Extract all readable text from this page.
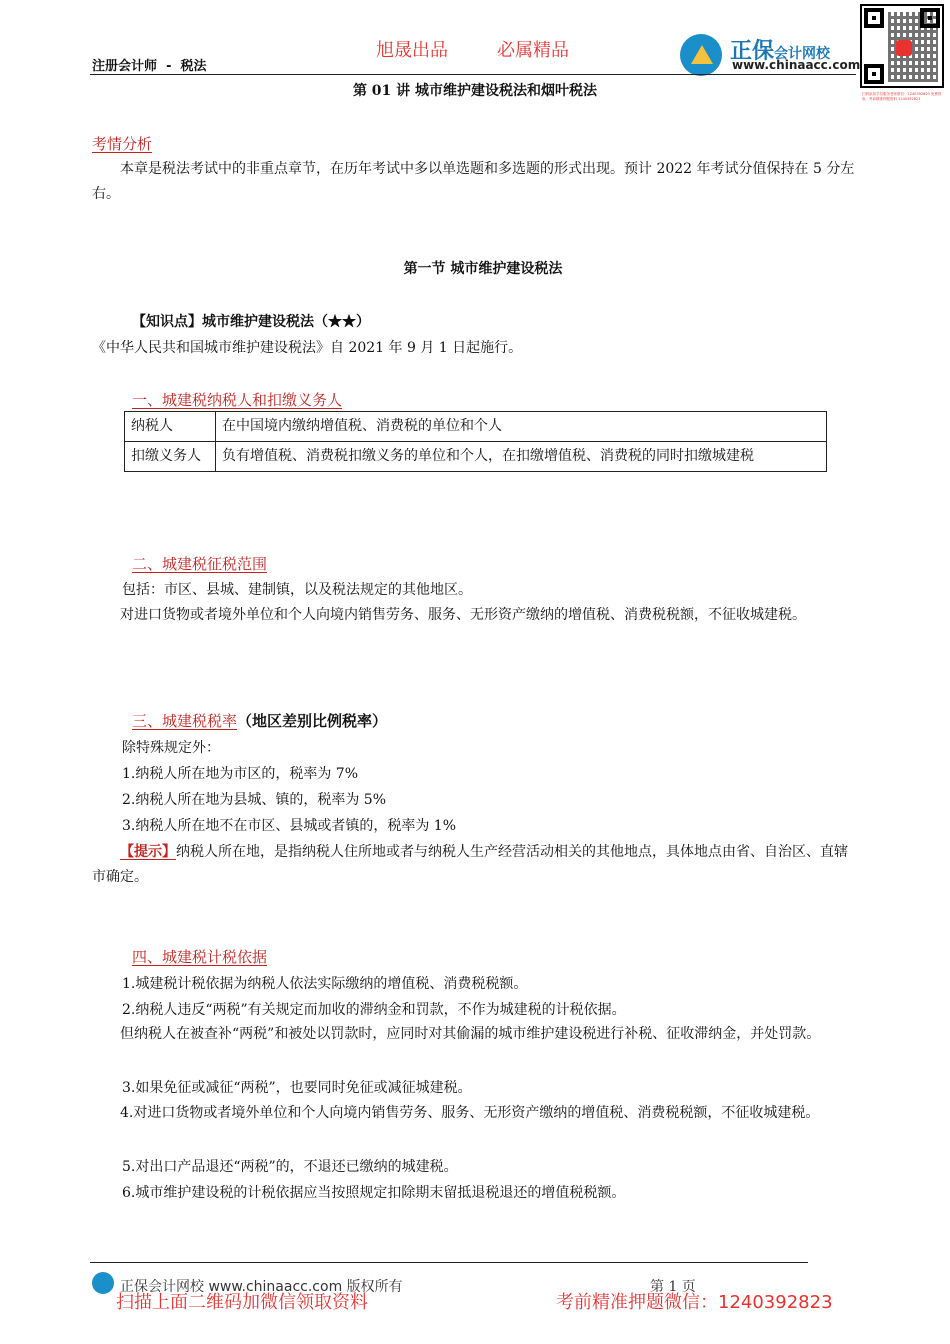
注册会计师 - 税法
旭晟出品	必属精品	正保会计网校
www.chinaacc.com
扫码添加学员服务老师微信：1240392823 免费领取：考前精准押题资料 1240392823
第 01 讲 城市维护建设税法和烟叶税法
考情分析
本章是税法考试中的非重点章节，在历年考试中多以单选题和多选题的形式出现。预计 2022 年考试分值保持在 5 分左右。
第一节 城市维护建设税法
【知识点】城市维护建设税法（★★）
《中华人民共和国城市维护建设税法》自 2021 年 9 月 1 日起施行。
一、城建税纳税人和扣缴义务人
纳税人	在中国境内缴纳增值税、消费税的单位和个人
扣缴义务人	负有增值税、消费税扣缴义务的单位和个人，在扣缴增值税、消费税的同时扣缴城建税
二、城建税征税范围
包括：市区、县城、建制镇，以及税法规定的其他地区。
对进口货物或者境外单位和个人向境内销售劳务、服务、无形资产缴纳的增值税、消费税税额，不征收城建税。
三、城建税税率（地区差别比例税率）
除特殊规定外：
1.纳税人所在地为市区的，税率为 7%
2.纳税人所在地为县城、镇的，税率为 5%
3.纳税人所在地不在市区、县城或者镇的，税率为 1%
【提示】纳税人所在地，是指纳税人住所地或者与纳税人生产经营活动相关的其他地点，具体地点由省、自治区、直辖市确定。
四、城建税计税依据
1.城建税计税依据为纳税人依法实际缴纳的增值税、消费税税额。
2.纳税人违反“两税”有关规定而加收的滞纳金和罚款，不作为城建税的计税依据。
但纳税人在被查补“两税”和被处以罚款时，应同时对其偷漏的城市维护建设税进行补税、征收滞纳金，并处罚款。
3.如果免征或减征“两税”，也要同时免征或减征城建税。
4.对进口货物或者境外单位和个人向境内销售劳务、服务、无形资产缴纳的增值税、消费税税额，不征收城建税。
5.对出口产品退还“两税”的，不退还已缴纳的城建税。
6.城市维护建设税的计税依据应当按照规定扣除期末留抵退税退还的增值税税额。
正保会计网校 www.chinaacc.com 版权所有	第 1 页
扫描上面二维码加微信领取资料	考前精准押题微信：1240392823
